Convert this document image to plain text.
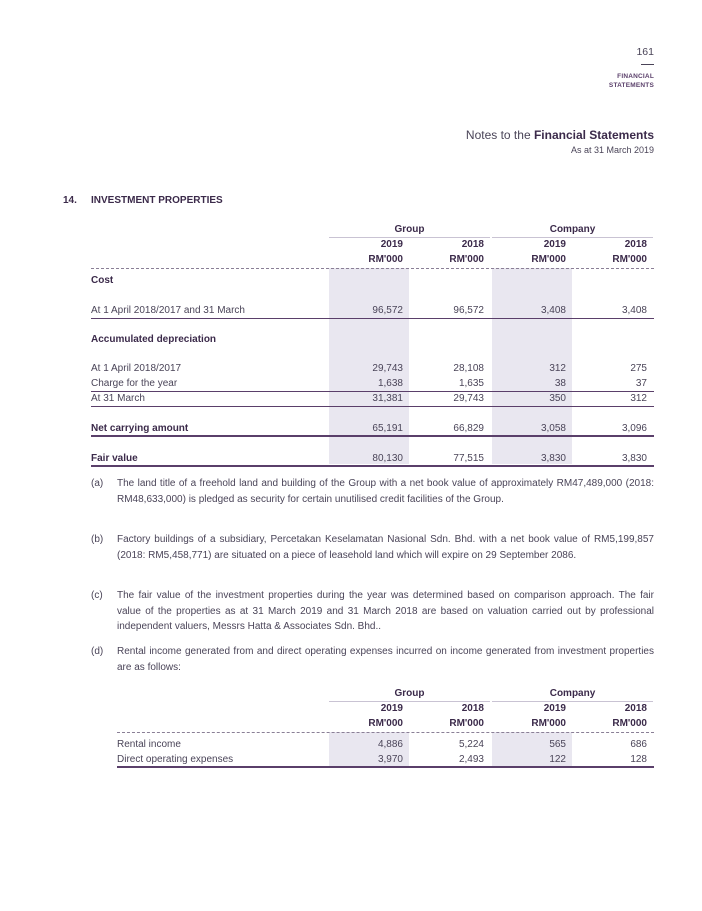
161
FINANCIAL
STATEMENTS
Notes to the Financial Statements
As at 31 March 2019
14. INVESTMENT PROPERTIES
Group	Company
2019	2018	2019	2018
RM'000	RM'000	RM'000	RM'000
Cost
At 1 April 2018/2017 and 31 March	96,572	96,572	3,408	3,408
Accumulated depreciation
At 1 April 2018/2017	29,743	28,108	312	275
Charge for the year	1,638	1,635	38	37
At 31 March	31,381	29,743	350	312
Net carrying amount	65,191	66,829	3,058	3,096
Fair value	80,130	77,515	3,830	3,830
(a) The land title of a freehold land and building of the Group with a net book value of approximately RM47,489,000 (2018: RM48,633,000) is pledged as security for certain unutilised credit facilities of the Group.
(b) Factory buildings of a subsidiary, Percetakan Keselamatan Nasional Sdn. Bhd. with a net book value of RM5,199,857 (2018: RM5,458,771) are situated on a piece of leasehold land which will expire on 29 September 2086.
(c) The fair value of the investment properties during the year was determined based on comparison approach. The fair value of the properties as at 31 March 2019 and 31 March 2018 are based on valuation carried out by professional independent valuers, Messrs Hatta & Associates Sdn. Bhd..
(d) Rental income generated from and direct operating expenses incurred on income generated from investment properties are as follows:
Group	Company
2019	2018	2019	2018
RM'000	RM'000	RM'000	RM'000
Rental income	4,886	5,224	565	686
Direct operating expenses	3,970	2,493	122	128
